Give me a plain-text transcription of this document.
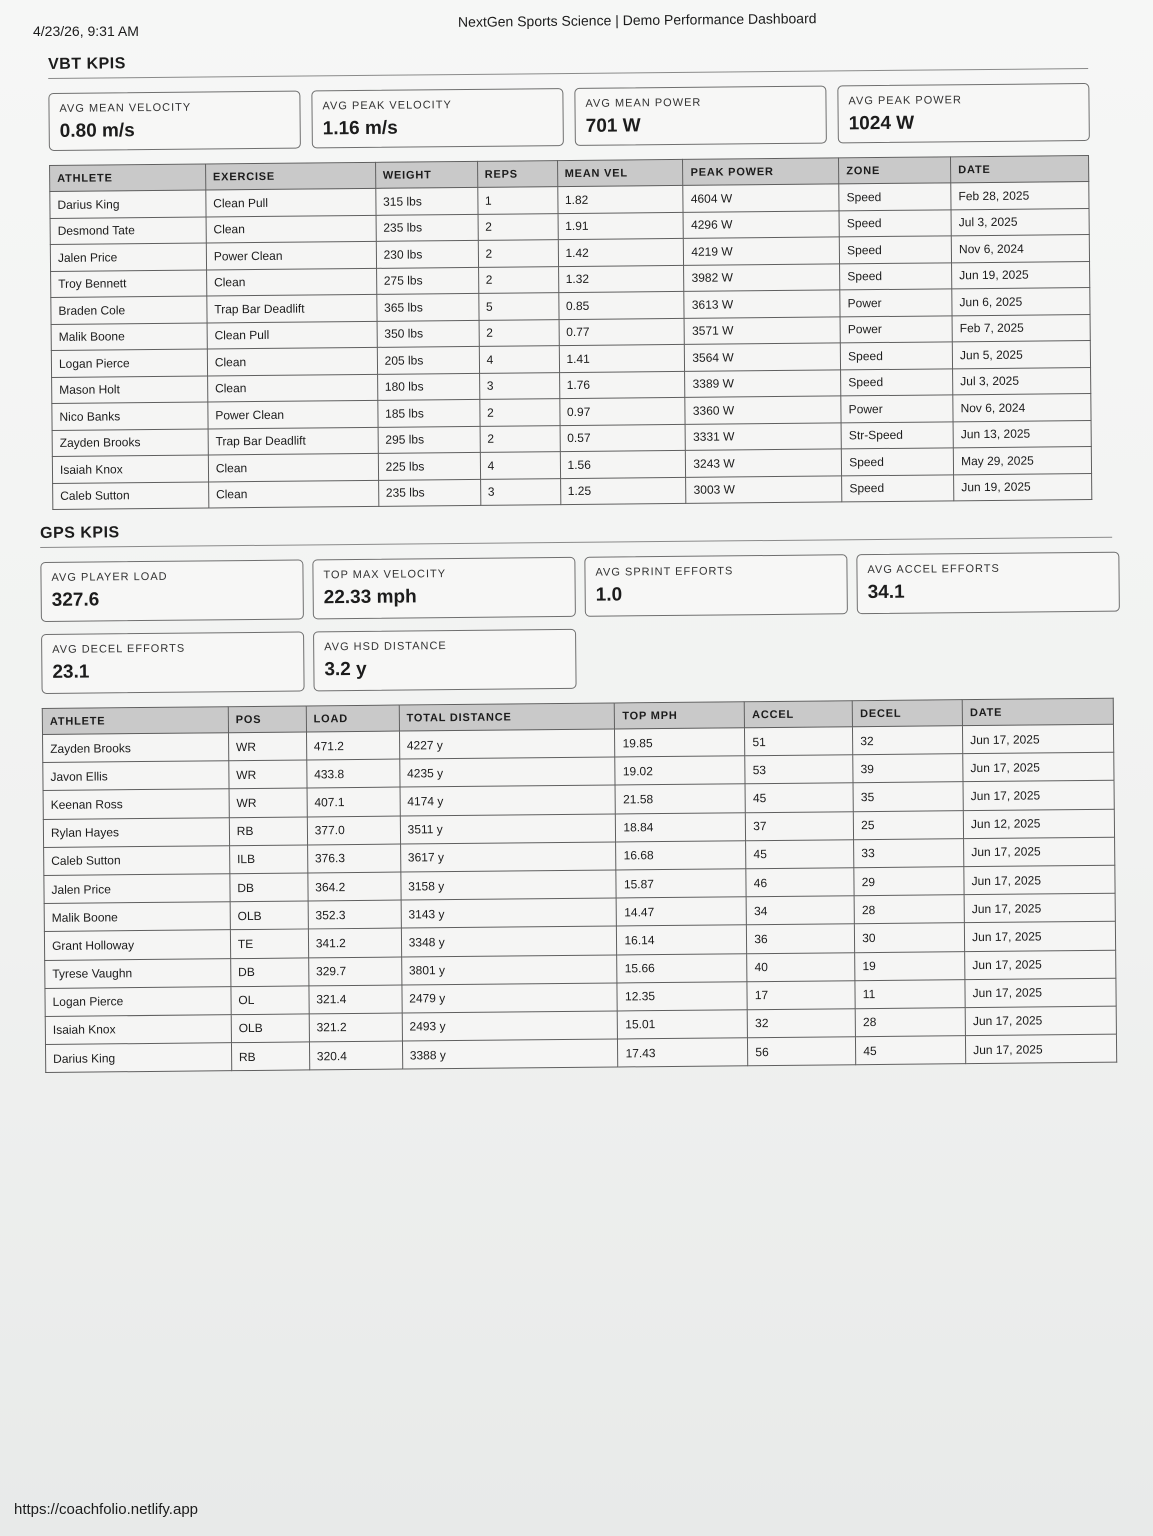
4/23/26, 9:31 AM
NextGen Sports Science | Demo Performance Dashboard
VBT KPIS
AVG MEAN VELOCITY
0.80 m/s
AVG PEAK VELOCITY
1.16 m/s
AVG MEAN POWER
701 W
AVG PEAK POWER
1024 W
ATHLETE	EXERCISE	WEIGHT	REPS	MEAN VEL	PEAK POWER	ZONE	DATE
Darius King	Clean Pull	315 lbs	1	1.82	4604 W	Speed	Feb 28, 2025
Desmond Tate	Clean	235 lbs	2	1.91	4296 W	Speed	Jul 3, 2025
Jalen Price	Power Clean	230 lbs	2	1.42	4219 W	Speed	Nov 6, 2024
Troy Bennett	Clean	275 lbs	2	1.32	3982 W	Speed	Jun 19, 2025
Braden Cole	Trap Bar Deadlift	365 lbs	5	0.85	3613 W	Power	Jun 6, 2025
Malik Boone	Clean Pull	350 lbs	2	0.77	3571 W	Power	Feb 7, 2025
Logan Pierce	Clean	205 lbs	4	1.41	3564 W	Speed	Jun 5, 2025
Mason Holt	Clean	180 lbs	3	1.76	3389 W	Speed	Jul 3, 2025
Nico Banks	Power Clean	185 lbs	2	0.97	3360 W	Power	Nov 6, 2024
Zayden Brooks	Trap Bar Deadlift	295 lbs	2	0.57	3331 W	Str-Speed	Jun 13, 2025
Isaiah Knox	Clean	225 lbs	4	1.56	3243 W	Speed	May 29, 2025
Caleb Sutton	Clean	235 lbs	3	1.25	3003 W	Speed	Jun 19, 2025
GPS KPIS
AVG PLAYER LOAD
327.6
TOP MAX VELOCITY
22.33 mph
AVG SPRINT EFFORTS
1.0
AVG ACCEL EFFORTS
34.1
AVG DECEL EFFORTS
23.1
AVG HSD DISTANCE
3.2 y
ATHLETE	POS	LOAD	TOTAL DISTANCE	TOP MPH	ACCEL	DECEL	DATE
Zayden Brooks	WR	471.2	4227 y	19.85	51	32	Jun 17, 2025
Javon Ellis	WR	433.8	4235 y	19.02	53	39	Jun 17, 2025
Keenan Ross	WR	407.1	4174 y	21.58	45	35	Jun 17, 2025
Rylan Hayes	RB	377.0	3511 y	18.84	37	25	Jun 12, 2025
Caleb Sutton	ILB	376.3	3617 y	16.68	45	33	Jun 17, 2025
Jalen Price	DB	364.2	3158 y	15.87	46	29	Jun 17, 2025
Malik Boone	OLB	352.3	3143 y	14.47	34	28	Jun 17, 2025
Grant Holloway	TE	341.2	3348 y	16.14	36	30	Jun 17, 2025
Tyrese Vaughn	DB	329.7	3801 y	15.66	40	19	Jun 17, 2025
Logan Pierce	OL	321.4	2479 y	12.35	17	11	Jun 17, 2025
Isaiah Knox	OLB	321.2	2493 y	15.01	32	28	Jun 17, 2025
Darius King	RB	320.4	3388 y	17.43	56	45	Jun 17, 2025
https://coachfolio.netlify.app
